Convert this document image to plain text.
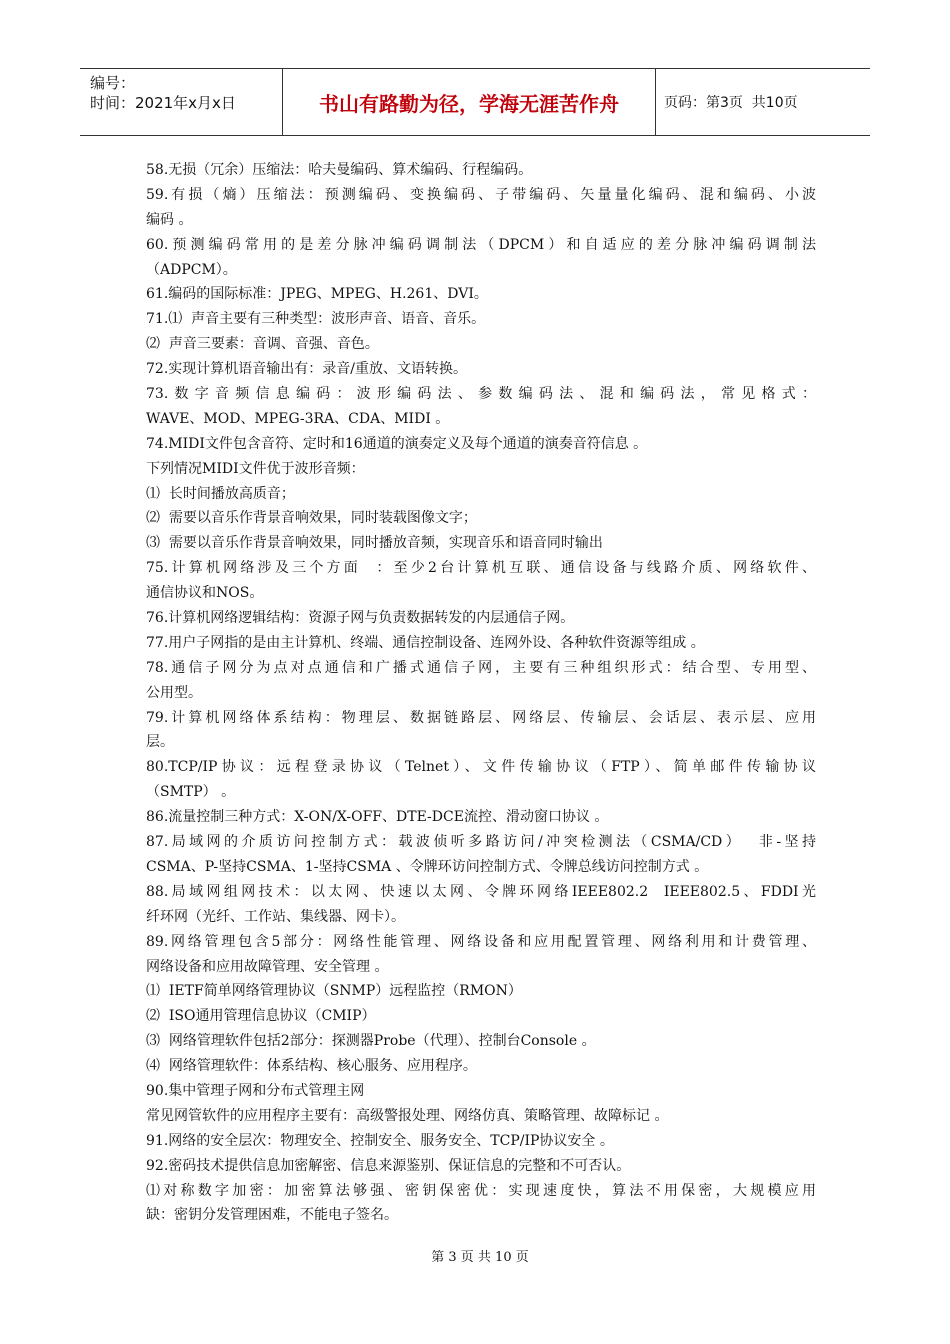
编号：
时间：2021年x月x日	书山有路勤为径，学海无涯苦作舟	页码：第3页  共10页
58.无损（冗余）压缩法：哈夫曼编码、算术编码、行程编码。
59.有损（熵）压缩法：预测编码、变换编码、子带编码、矢量量化编码、混和编码、小波
编码 。
60.预测编码常用的是差分脉冲编码调制法（DPCM）和自适应的差分脉冲编码调制法
（ADPCM）。
61.编码的国际标准：JPEG、MPEG、H.261、DVI。
71.⑴  声音主要有三种类型：波形声音、语音、音乐。
⑵  声音三要素：音调、音强、音色。
72.实现计算机语音输出有：录音/重放、文语转换。
73.数字音频信息编码：波形编码法、参数编码法、混和编码法，常见格式：
WAVE、MOD、MPEG-3RA、CDA、MIDI 。
74.MIDI文件包含音符、定时和16通道的演奏定义及每个通道的演奏音符信息 。
下列情况MIDI文件优于波形音频：
⑴  长时间播放高质音；
⑵  需要以音乐作背景音响效果，同时装载图像文字；
⑶  需要以音乐作背景音响效果，同时播放音频，实现音乐和语音同时输出
75.计算机网络涉及三个方面  ：至少2台计算机互联、通信设备与线路介质、网络软件、
通信协议和NOS。
76.计算机网络逻辑结构：资源子网与负责数据转发的内层通信子网。
77.用户子网指的是由主计算机、终端、通信控制设备、连网外设、各种软件资源等组成 。
78.通信子网分为点对点通信和广播式通信子网，主要有三种组织形式：结合型、专用型、
公用型。
79.计算机网络体系结构：物理层、数据链路层、网络层、传输层、会话层、表示层、应用
层。
80.TCP/IP协议：远程登录协议（Telnet）、文件传输协议（FTP）、简单邮件传输协议
（SMTP） 。
86.流量控制三种方式：X-ON/X-OFF、DTE-DCE流控、滑动窗口协议 。
87.局域网的介质访问控制方式：载波侦听多路访问/冲突检测法（CSMA/CD）  非-坚持
CSMA、P-坚持CSMA、1-坚持CSMA 、令牌环访问控制方式、令牌总线访问控制方式 。
88.局域网组网技术：以太网、快速以太网、令牌环网络IEEE802.2  IEEE802.5、FDDI光
纤环网（光纤、工作站、集线器、网卡）。
89.网络管理包含5部分：网络性能管理、网络设备和应用配置管理、网络利用和计费管理、
网络设备和应用故障管理、安全管理 。
⑴  IETF简单网络管理协议（SNMP）远程监控（RMON）
⑵  ISO通用管理信息协议（CMIP）
⑶  网络管理软件包括2部分：探测器Probe（代理）、控制台Console 。
⑷  网络管理软件：体系结构、核心服务、应用程序。
90.集中管理子网和分布式管理主网
常见网管软件的应用程序主要有：高级警报处理、网络仿真、策略管理、故障标记 。
91.网络的安全层次：物理安全、控制安全、服务安全、TCP/IP协议安全 。
92.密码技术提供信息加密解密、信息来源鉴别、保证信息的完整和不可否认。
⑴对称数字加密：加密算法够强、密钥保密优：实现速度快，算法不用保密，大规模应用
缺：密钥分发管理困难，不能电子签名。
第 3 页 共 10 页
